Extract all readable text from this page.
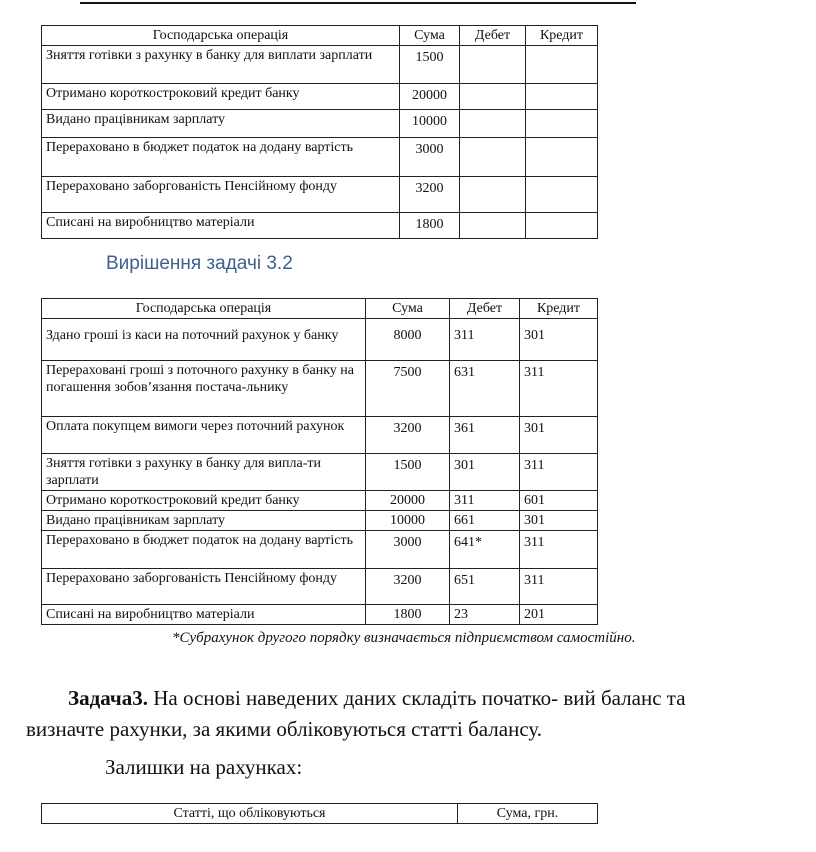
Господарська операція	Сума	Дебет	Кредит
Зняття готівки з рахунку в банку для виплати зарплати	1500		
Отримано короткостроковий кредит банку	20000		
Видано працівникам зарплату	10000		
Перераховано в бюджет податок на додану вартість	3000		
Перераховано заборгованість Пенсійному фонду	3200		
Списані на виробництво матеріали	1800		
Вирішення задачі 3.2
Господарська операція	Сума	Дебет	Кредит
Здано гроші із каси на поточний рахунок у банку	8000	311	301
Перераховані гроші з поточного рахунку в банку на погашення зобов’язання постача-льнику	7500	631	311
Оплата покупцем вимоги через поточний рахунок	3200	361	301
Зняття готівки з рахунку в банку для випла-ти зарплати	1500	301	311
Отримано короткостроковий кредит банку	20000	311	601
Видано працівникам зарплату	10000	661	301
Перераховано в бюджет податок на додану вартість	3000	641*	311
Перераховано заборгованість Пенсійному фонду	3200	651	311
Списані на виробництво матеріали	1800	23	201
*Субрахунок другого порядку визначається підприємством самостійно.

Задача3. На основі наведених даних складіть початко- вий баланс та

визначте рахунки, за якими обліковуються статті балансу.

Залишки на рахунках:
Статті, що обліковуються	Сума, грн.
